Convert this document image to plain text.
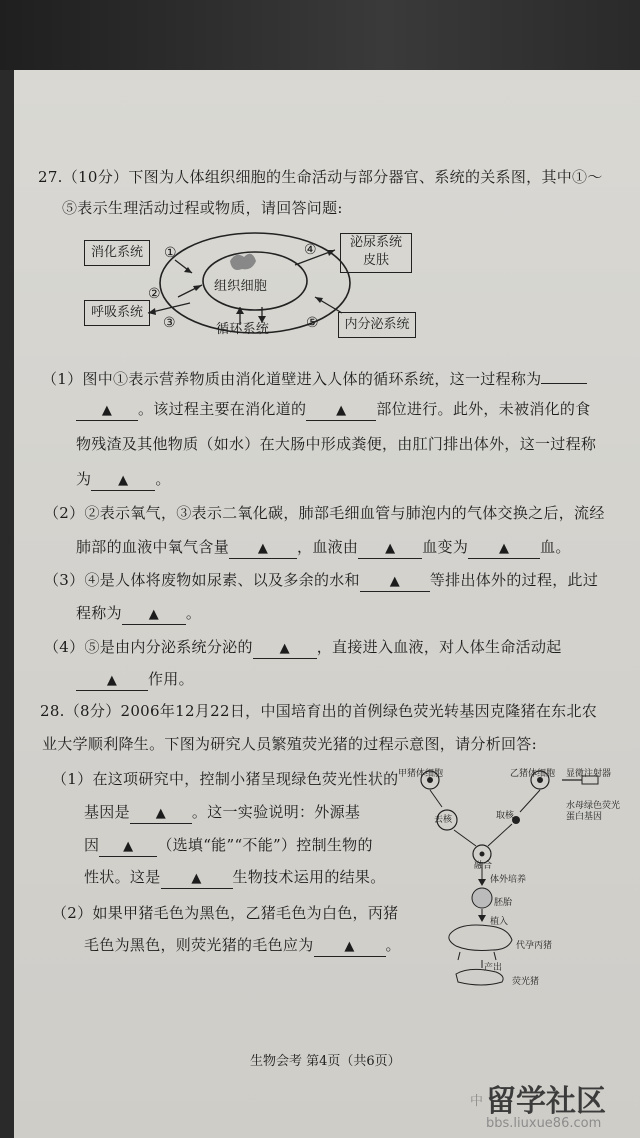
27.（10分）下图为人体组织细胞的生命活动与部分器官、系统的关系图，其中①～
⑤表示生理活动过程或物质，请回答问题:
消化系统
呼吸系统
泌尿系统
皮肤
内分泌系统
组织细胞
循环系统
①
②
③
④
⑤
（1）图中①表示营养物质由消化道壁进入人体的循环系统，这一过程称为
▲ 。该过程主要在消化道的 ▲ 部位进行。此外，未被消化的食
物残渣及其他物质（如水）在大肠中形成粪便，由肛门排出体外，这一过程称
为 ▲ 。
（2）②表示氧气，③表示二氧化碳，肺部毛细血管与肺泡内的气体交换之后，流经
肺部的血液中氧气含量 ▲ ，血液由 ▲ 血变为 ▲ 血。
（3）④是人体将废物如尿素、以及多余的水和 ▲ 等排出体外的过程，此过
程称为 ▲ 。
（4）⑤是由内分泌系统分泌的 ▲ ，直接进入血液，对人体生命活动起
▲ 作用。
28.（8分）2006年12月22日，中国培育出的首例绿色荧光转基因克隆猪在东北农
业大学顺利降生。下图为研究人员繁殖荧光猪的过程示意图，请分析回答:
（1）在这项研究中，控制小猪呈现绿色荧光性状的
基因是 ▲ 。这一实验说明：外源基
因 ▲ （选填“能”“不能”）控制生物的
性状。这是 ▲ 生物技术运用的结果。
（2）如果甲猪毛色为黑色，乙猪毛色为白色，丙猪
毛色为黑色，则荧光猪的毛色应为 ▲ 。
甲猪体细胞	乙猪体细胞 显微注射器
去核	取核
水母绿色荧光
蛋白基因
融合
体外培养
胚胎
植入
代孕丙猪
产出
荧光猪
生物会考 第4页（共6页）
中 留学社区
bbs.liuxue86.com
